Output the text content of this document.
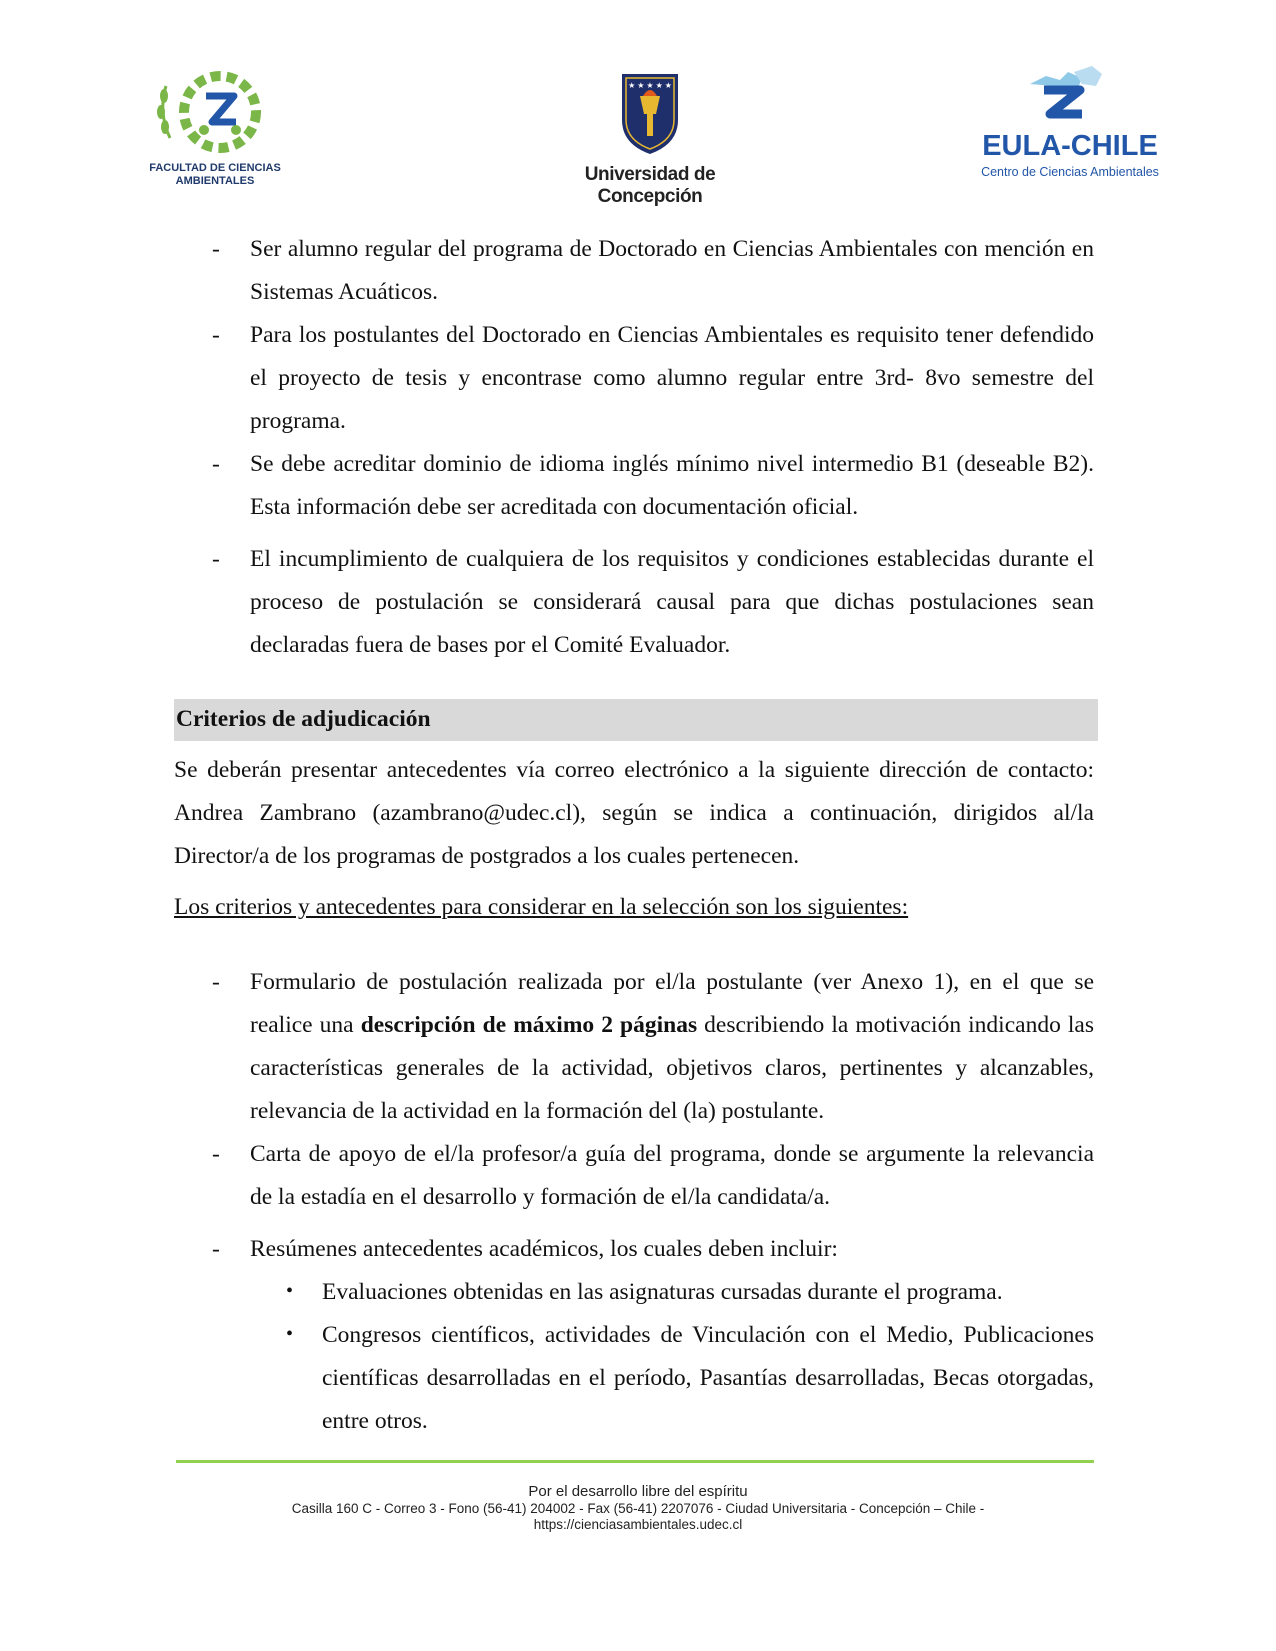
FACULTAD DE CIENCIAS
AMBIENTALES
★ ★ ★ ★ ★
Universidad de Concepción
EULA-CHILE
Centro de Ciencias Ambientales
- Ser alumno regular del programa de Doctorado en Ciencias Ambientales con mención en Sistemas Acuáticos.
- Para los postulantes del Doctorado en Ciencias Ambientales es requisito tener defendido el proyecto de tesis y encontrase como alumno regular entre 3rd- 8vo semestre del programa.
- Se debe acreditar dominio de idioma inglés mínimo nivel intermedio B1 (deseable B2). Esta información debe ser acreditada con documentación oficial.
- El incumplimiento de cualquiera de los requisitos y condiciones establecidas durante el proceso de postulación se considerará causal para que dichas postulaciones sean declaradas fuera de bases por el Comité Evaluador.
Criterios de adjudicación

Se deberán presentar antecedentes vía correo electrónico a la siguiente dirección de contacto: Andrea Zambrano (azambrano@udec.cl), según se indica a continuación, dirigidos al/la Director/a de los programas de postgrados a los cuales pertenecen.

Los criterios y antecedentes para considerar en la selección son los siguientes:
- Formulario de postulación realizada por el/la postulante (ver Anexo 1), en el que se realice una descripción de máximo 2 páginas describiendo la motivación indicando las características generales de la actividad, objetivos claros, pertinentes y alcanzables, relevancia de la actividad en la formación del (la) postulante.
- Carta de apoyo de el/la profesor/a guía del programa, donde se argumente la relevancia de la estadía en el desarrollo y formación de el/la candidata/a.
- Resúmenes antecedentes académicos, los cuales deben incluir:
• Evaluaciones obtenidas en las asignaturas cursadas durante el programa.
• Congresos científicos, actividades de Vinculación con el Medio, Publicaciones científicas desarrolladas en el período, Pasantías desarrolladas, Becas otorgadas, entre otros.
Por el desarrollo libre del espíritu
Casilla 160 C - Correo 3 - Fono (56-41) 204002 - Fax (56-41) 2207076 - Ciudad Universitaria - Concepción – Chile -
https://cienciasambientales.udec.cl
